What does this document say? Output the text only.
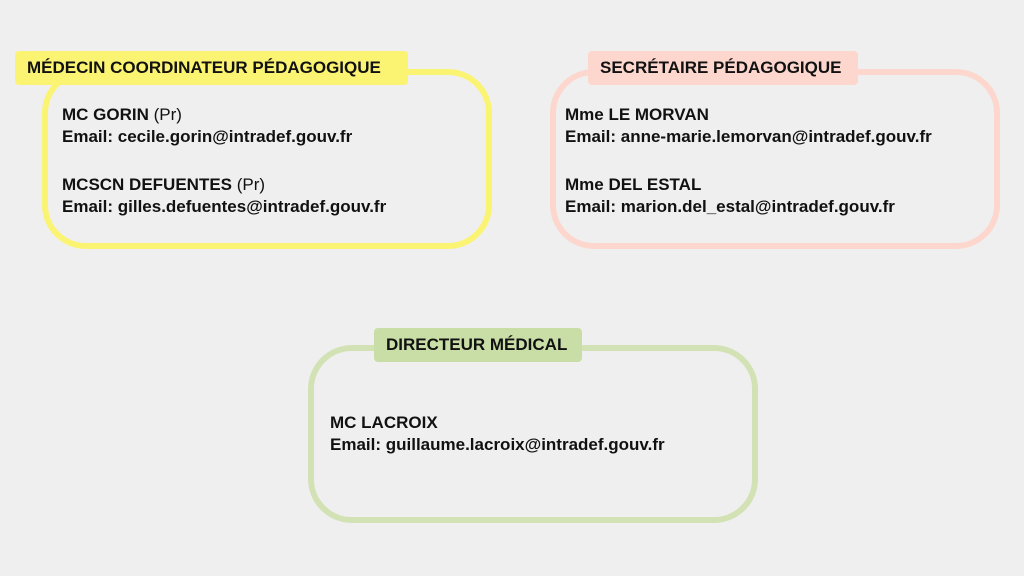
MÉDECIN COORDINATEUR PÉDAGOGIQUE
MC GORIN (Pr)
Email: cecile.gorin@intradef.gouv.fr
MCSCN DEFUENTES (Pr)
Email: gilles.defuentes@intradef.gouv.fr
SECRÉTAIRE PÉDAGOGIQUE
Mme LE MORVAN
Email: anne-marie.lemorvan@intradef.gouv.fr
Mme DEL ESTAL
Email: marion.del_estal@intradef.gouv.fr
DIRECTEUR MÉDICAL
MC LACROIX
Email: guillaume.lacroix@intradef.gouv.fr
